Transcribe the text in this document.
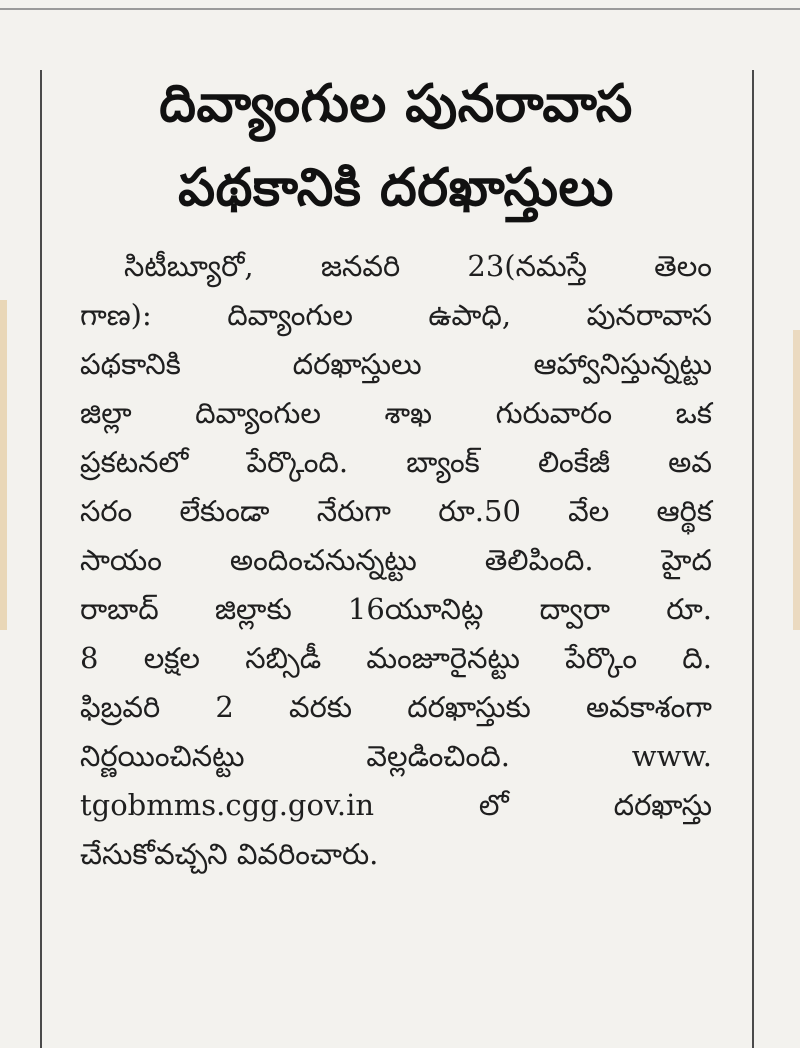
దివ్యాంగుల పునరావాస
పథకానికి దరఖాస్తులు
సిటీబ్యూరో, జనవరి 23(నమస్తే తెలం
గాణ): దివ్యాంగుల ఉపాధి, పునరావాస
పథకానికి దరఖాస్తులు ఆహ్వానిస్తున్నట్టు
జిల్లా దివ్యాంగుల శాఖ గురువారం ఒక
ప్రకటనలో పేర్కొంది. బ్యాంక్ లింకేజీ అవ
సరం లేకుండా నేరుగా రూ.50 వేల ఆర్థిక
సాయం అందించనున్నట్టు తెలిపింది. హైద
రాబాద్ జిల్లాకు 16యూనిట్ల ద్వారా రూ.
8 లక్షల సబ్సిడీ మంజూరైనట్టు పేర్కొం ది.
ఫిబ్రవరి 2 వరకు దరఖాస్తుకు అవకాశంగా
నిర్ణయించినట్టు వెల్లడించింది. www.
tgobmms.cgg.gov.in లో దరఖాస్తు
చేసుకోవచ్చని వివరించారు.
